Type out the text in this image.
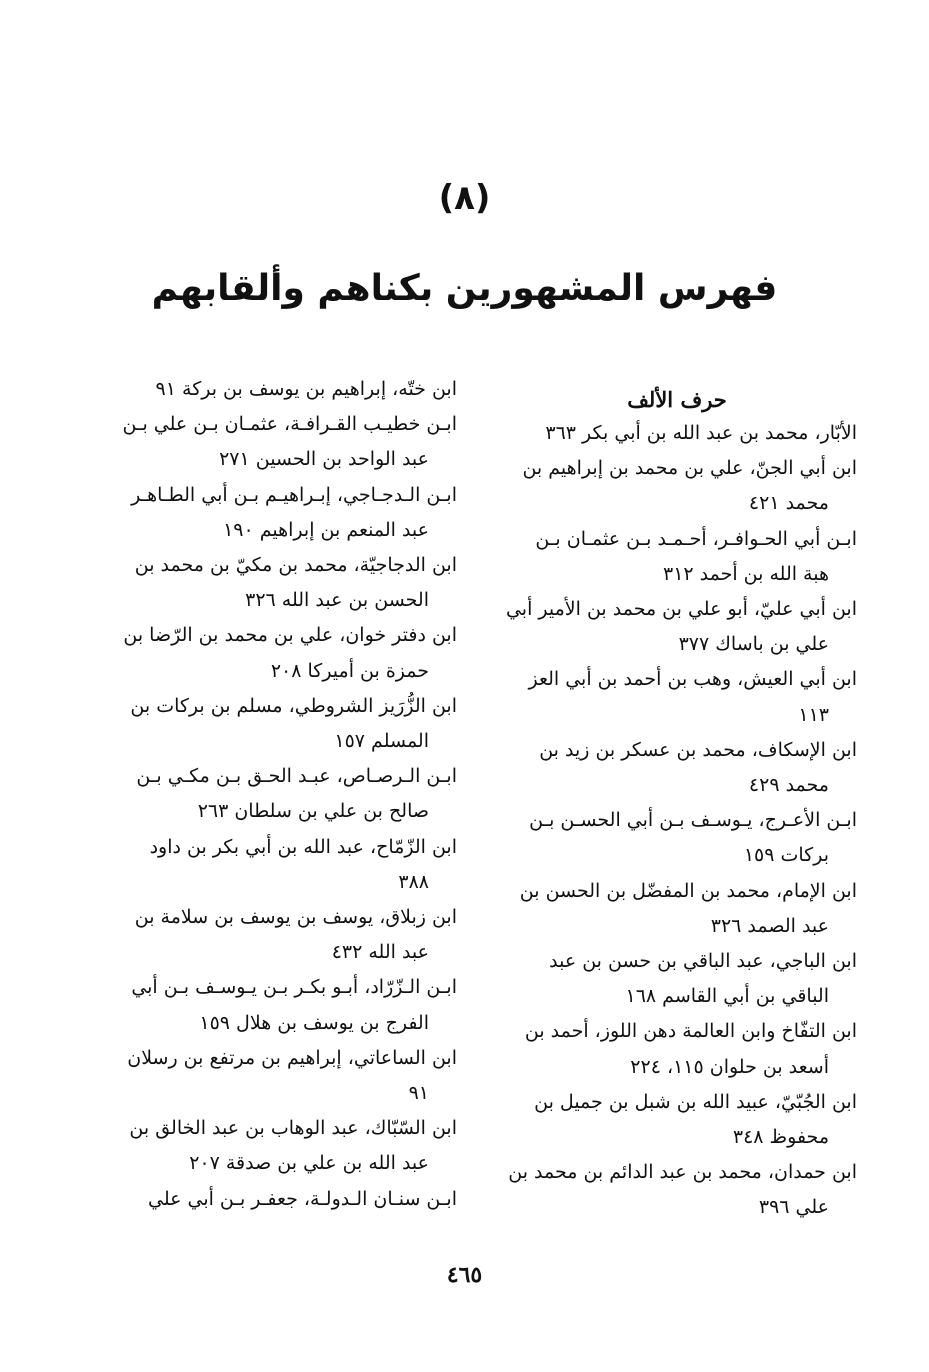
(٨)
فهرس المشهورين بكناهم وألقابهم
حرف الألف
الأبّار، محمد بن عبد الله بن أبي بكر ٣٦٣
ابن أبي الجنّ، علي بن محمد بن إبراهيم بن
محمد ٤٢١
ابـن أبي الحـوافـر، أحـمـد بـن عثمـان بـن
هبة الله بن أحمد ٣١٢
ابن أبي عليّ، أبو علي بن محمد بن الأمير أبي
علي بن باساك ٣٧٧
ابن أبي العيش، وهب بن أحمد بن أبي العز
١١٣
ابن الإسكاف، محمد بن عسكر بن زيد بن
محمد ٤٢٩
ابـن الأعـرج، يـوسـف بـن أبي الحسـن بـن
بركات ١٥٩
ابن الإمام، محمد بن المفضّل بن الحسن بن
عبد الصمد ٣٢٦
ابن الباجي، عبد الباقي بن حسن بن عبد
الباقي بن أبي القاسم ١٦٨
ابن التفّاخ وابن العالمة دهن اللوز، أحمد بن
أسعد بن حلوان ١١٥، ٢٢٤
ابن الجُبّيّ، عبيد الله بن شبل بن جميل بن
محفوظ ٣٤٨
ابن حمدان، محمد بن عبد الدائم بن محمد بن
علي ٣٩٦
ابن ختّه، إبراهيم بن يوسف بن بركة ٩١
ابـن خطيـب القـرافـة، عثمـان بـن علي بـن
عبد الواحد بن الحسين ٢٧١
ابـن الـدجـاجي، إبـراهيـم بـن أبي الطـاهـر
عبد المنعم بن إبراهيم ١٩٠
ابن الدجاجيّة، محمد بن مكيّ بن محمد بن
الحسن بن عبد الله ٣٢٦
ابن دفتر خوان، علي بن محمد بن الرّضا بن
حمزة بن أميركا ٢٠٨
ابن الزُّرَيز الشروطي، مسلم بن بركات بن
المسلم ١٥٧
ابـن الـرصـاص، عبـد الحـق بـن مكـي بـن
صالح بن علي بن سلطان ٢٦٣
ابن الزّمّاح، عبد الله بن أبي بكر بن داود
٣٨٨
ابن زبلاق، يوسف بن يوسف بن سلامة بن
عبد الله ٤٣٢
ابـن الـزّرّاد، أبـو بكـر بـن يـوسـف بـن أبي
الفرج بن يوسف بن هلال ١٥٩
ابن الساعاتي، إبراهيم بن مرتفع بن رسلان
٩١
ابن السّبّاك، عبد الوهاب بن عبد الخالق بن
عبد الله بن علي بن صدقة ٢٠٧
ابـن سنـان الـدولـة، جعفـر بـن أبي علي
٤٦٥
